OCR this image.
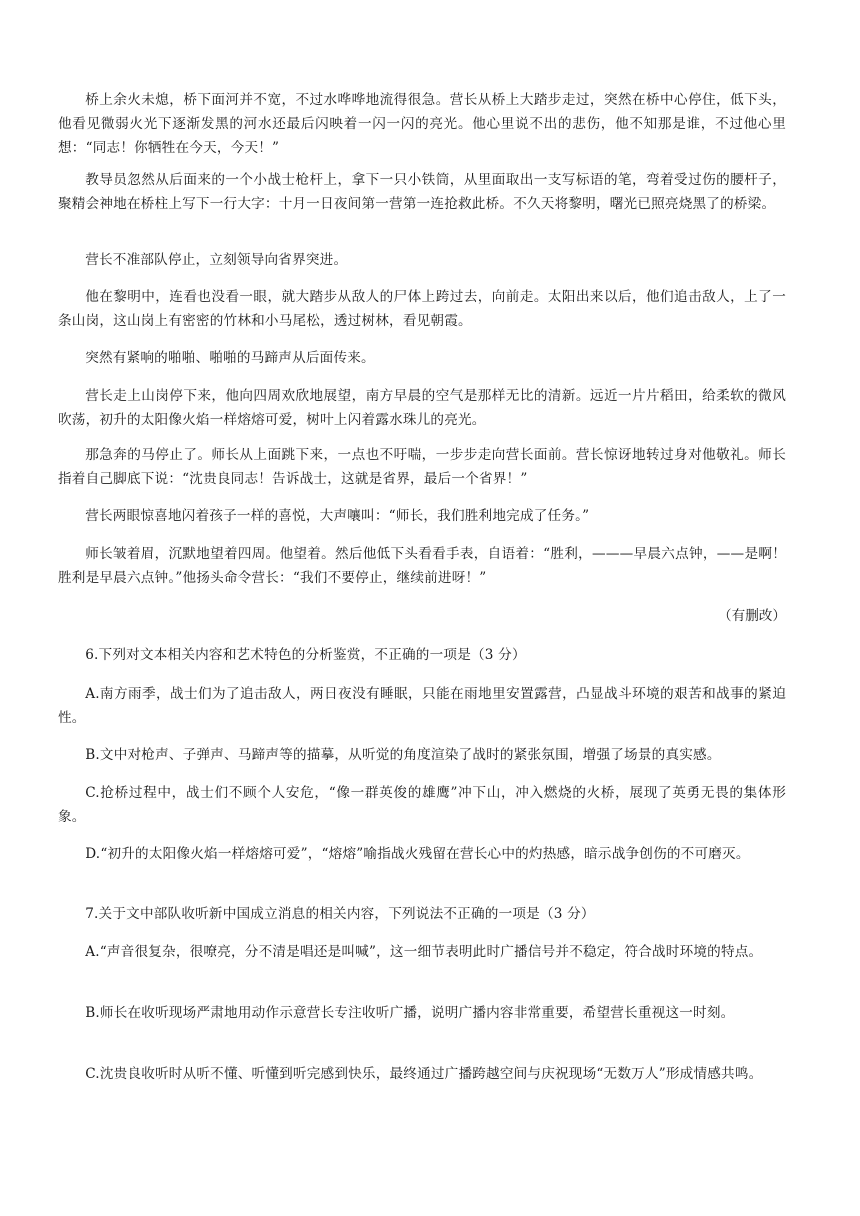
桥上余火未熄，桥下面河并不宽，不过水哗哗地流得很急。营长从桥上大踏步走过，突然在桥中心停住，低下头，他看见微弱火光下逐渐发黑的河水还最后闪映着一闪一闪的亮光。他心里说不出的悲伤，他不知那是谁，不过他心里想：“同志！你牺牲在今天，今天！”

教导员忽然从后面来的一个小战士枪杆上，拿下一只小铁筒，从里面取出一支写标语的笔，弯着受过伤的腰杆子，聚精会神地在桥柱上写下一行大字：十月一日夜间第一营第一连抢救此桥。不久天将黎明，曙光已照亮烧黑了的桥梁。

营长不准部队停止，立刻领导向省界突进。

他在黎明中，连看也没看一眼，就大踏步从敌人的尸体上跨过去，向前走。太阳出来以后，他们追击敌人，上了一条山岗，这山岗上有密密的竹林和小马尾松，透过树林，看见朝霞。

突然有紧响的啪啪、啪啪的马蹄声从后面传来。

营长走上山岗停下来，他向四周欢欣地展望，南方早晨的空气是那样无比的清新。远近一片片稻田，给柔软的微风吹荡，初升的太阳像火焰一样熔熔可爱，树叶上闪着露水珠儿的亮光。

那急奔的马停止了。师长从上面跳下来，一点也不吁喘，一步步走向营长面前。营长惊讶地转过身对他敬礼。师长指着自己脚底下说：“沈贵良同志！告诉战士，这就是省界，最后一个省界！”

营长两眼惊喜地闪着孩子一样的喜悦，大声嚷叫：“师长，我们胜利地完成了任务。”

师长皱着眉，沉默地望着四周。他望着。然后他低下头看看手表，自语着：“胜利，———早晨六点钟，——是啊！胜利是早晨六点钟。”他扬头命令营长：“我们不要停止，继续前进呀！”

（有删改）

6.下列对文本相关内容和艺术特色的分析鉴赏，不正确的一项是（3 分）

A.南方雨季，战士们为了追击敌人，两日夜没有睡眠，只能在雨地里安置露营，凸显战斗环境的艰苦和战事的紧迫性。

B.文中对枪声、子弹声、马蹄声等的描摹，从听觉的角度渲染了战时的紧张氛围，增强了场景的真实感。

C.抢桥过程中，战士们不顾个人安危，“像一群英俊的雄鹰”冲下山，冲入燃烧的火桥，展现了英勇无畏的集体形象。

D.“初升的太阳像火焰一样熔熔可爱”，“熔熔”喻指战火残留在营长心中的灼热感，暗示战争创伤的不可磨灭。

7.关于文中部队收听新中国成立消息的相关内容，下列说法不正确的一项是（3 分）

A.“声音很复杂，很嘹亮，分不清是唱还是叫喊”，这一细节表明此时广播信号并不稳定，符合战时环境的特点。

B.师长在收听现场严肃地用动作示意营长专注收听广播，说明广播内容非常重要，希望营长重视这一时刻。

C.沈贵良收听时从听不懂、听懂到听完感到快乐，最终通过广播跨越空间与庆祝现场“无数万人”形成情感共鸣。
